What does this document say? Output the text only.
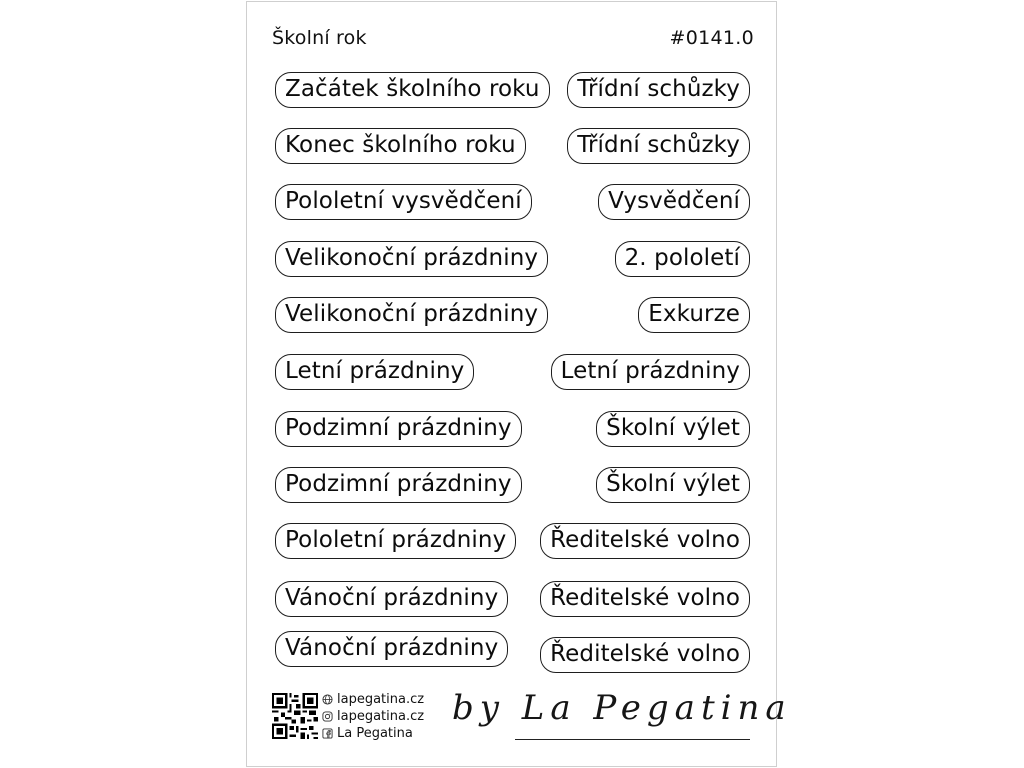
Školní rok	#0141.0
Začátek školního roku
Konec školního roku
Pololetní vysvědčení
Velikonoční prázdniny
Velikonoční prázdniny
Letní prázdniny
Podzimní prázdniny
Podzimní prázdniny
Pololetní prázdniny
Vánoční prázdniny
Vánoční prázdniny
Třídní schůzky
Třídní schůzky
Vysvědčení
2. pololetí
Exkurze
Letní prázdniny
Školní výlet
Školní výlet
Ředitelské volno
Ředitelské volno
Ředitelské volno
lapegatina.cz
lapegatina.cz
La Pegatina
by La Pegatina
